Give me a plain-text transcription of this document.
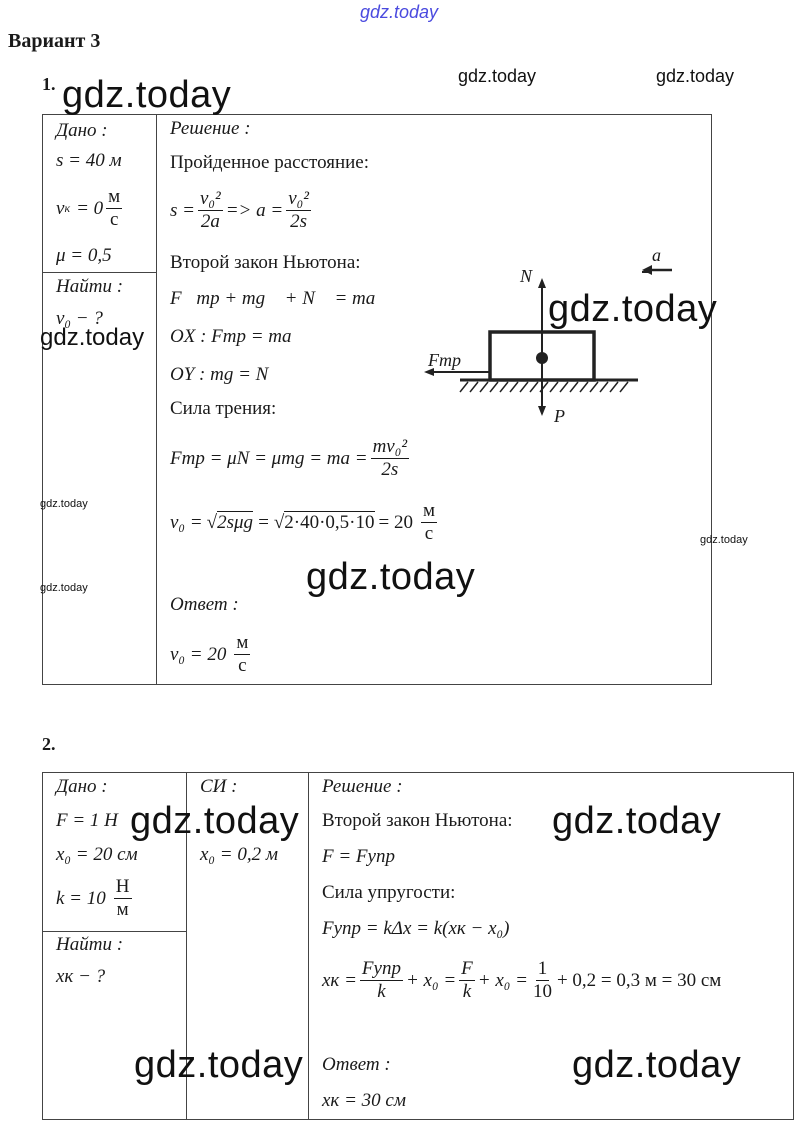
gdz.today
Вариант 3
1.
Дано :
s = 40 м
v $к = 0 \frac{м}{с}$
μ = 0,5
Найти :
v₀ − ?
Решение :
Пройденное расстояние:
$s = \frac{\text{v₀²}}{2a} => a = \frac{\text{v₀²}}{2s}$
Второй закон Ньютона:
F⃗тр + mg⃗ + N⃗ = ma⃗
OX : Fтр = ma
OY : mg = N
Сила трения:
Fтр = μN = μmg = ma = $\frac{\text{mv₀²}}{2s}$
$v_0 = √2s\mu g = √2\cdot 40\cdot 0,5\cdot 10 = 20 \frac{м}{с}$
Ответ :
$v_0 = 20 \frac{м}{с}$
N
a
Fтр
P
gdz.today	gdz.today	gdz.today
gdz.today
gdz.today
gdz.today
gdz.today
gdz.today	gdz.today
2.
Дано :
F = 1 Н
x₀ = 20 см
$k = 10 \frac{Н}{м}$
Найти :
xк − ?
СИ :
x₀ = 0,2 м
Решение :
Второй закон Ньютона:
F = Fупр
Сила упругости:
Fупр = kΔx = k(xк − x₀)
xк = $\frac{\text{Fупр}}{k} + x_0 = \frac{F}{k} + x_0 = \frac{1}{10} + 0,2 = 0,3$ м = 30 см
Ответ :
xк = 30 см
gdz.today	gdz.today
gdz.today	gdz.today
